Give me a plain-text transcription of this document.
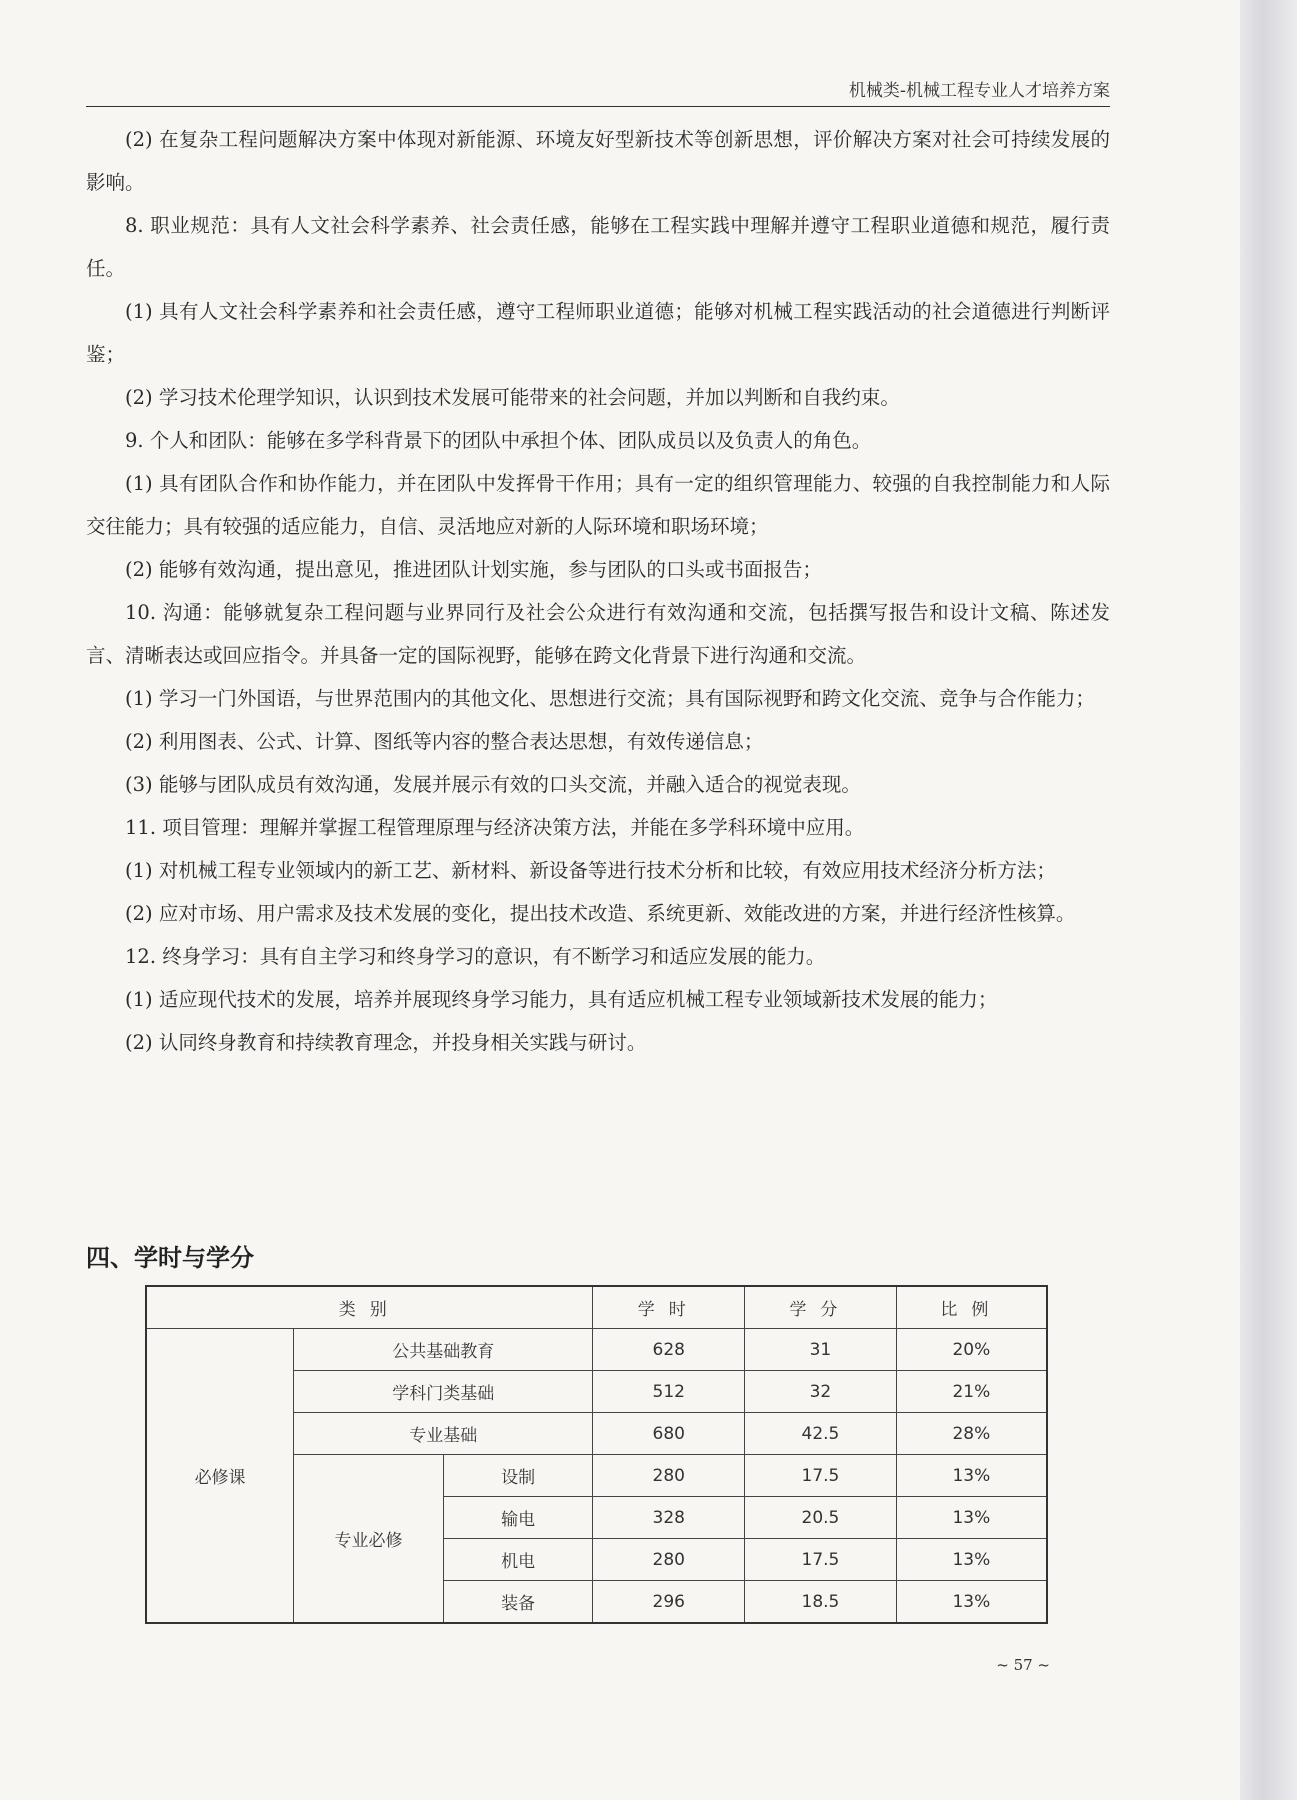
机械类-机械工程专业人才培养方案

(2) 在复杂工程问题解决方案中体现对新能源、环境友好型新技术等创新思想，评价解决方案对社会可持续发展的影响。

8. 职业规范：具有人文社会科学素养、社会责任感，能够在工程实践中理解并遵守工程职业道德和规范，履行责任。

(1) 具有人文社会科学素养和社会责任感，遵守工程师职业道德；能够对机械工程实践活动的社会道德进行判断评鉴；

(2) 学习技术伦理学知识，认识到技术发展可能带来的社会问题，并加以判断和自我约束。

9. 个人和团队：能够在多学科背景下的团队中承担个体、团队成员以及负责人的角色。

(1) 具有团队合作和协作能力，并在团队中发挥骨干作用；具有一定的组织管理能力、较强的自我控制能力和人际交往能力；具有较强的适应能力，自信、灵活地应对新的人际环境和职场环境；

(2) 能够有效沟通，提出意见，推进团队计划实施，参与团队的口头或书面报告；

10. 沟通：能够就复杂工程问题与业界同行及社会公众进行有效沟通和交流，包括撰写报告和设计文稿、陈述发言、清晰表达或回应指令。并具备一定的国际视野，能够在跨文化背景下进行沟通和交流。

(1) 学习一门外国语，与世界范围内的其他文化、思想进行交流；具有国际视野和跨文化交流、竞争与合作能力；

(2) 利用图表、公式、计算、图纸等内容的整合表达思想，有效传递信息；

(3) 能够与团队成员有效沟通，发展并展示有效的口头交流，并融入适合的视觉表现。

11. 项目管理：理解并掌握工程管理原理与经济决策方法，并能在多学科环境中应用。

(1) 对机械工程专业领域内的新工艺、新材料、新设备等进行技术分析和比较，有效应用技术经济分析方法；

(2) 应对市场、用户需求及技术发展的变化，提出技术改造、系统更新、效能改进的方案，并进行经济性核算。

12. 终身学习：具有自主学习和终身学习的意识，有不断学习和适应发展的能力。

(1) 适应现代技术的发展，培养并展现终身学习能力，具有适应机械工程专业领域新技术发展的能力；

(2) 认同终身教育和持续教育理念，并投身相关实践与研讨。

四、学时与学分
类别			学时	学分	比例
必修课	公共基础教育		628	31	20%
	学科门类基础		512	32	21%
	专业基础		680	42.5	28%
	专业必修	设制	280	17.5	13%
		输电	328	20.5	13%
		机电	280	17.5	13%
		装备	296	18.5	13%
~ 57 ~
